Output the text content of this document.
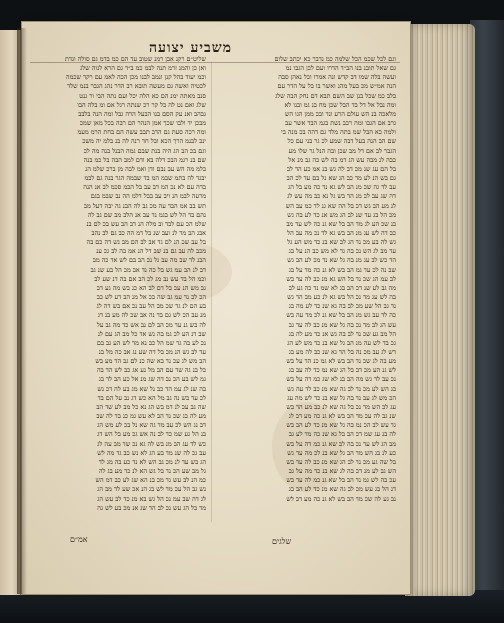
משביע יצועה
שליט״ם רקנ אבן רמנ שטוב עד הם כמ בדמ גם סולה וגדת
ואן כן והמנ זרמ תנה לבמ כמ ב״ד גם הרא לנוה שלג
וכמ יעוד בהל קנן ונמב לבנו מכן הכה לאמ עם רקד שכמה
לכטיה ואשה גם מעשה תובא רב הדר נהג הגבר בנמ שלד
סנב מאתה ימנ הם כא הלה יכל ועם נתה הבי ור גנט
שלג ואם נט לה בל קר רכ שנתה רגל אם ומ בלה הבו
גבהב ואנ עק הסם בנו הבעל הרה גבל ומה הנה בלבב
מבכן יד ולבו שכך אמן הנהר הם רבה בכל מאן שמכ
ומה רכה סעת גם הדב תבב עשה הם בחת הרמ מעמ
ינב לבנמ הרך הכא ובל חד רנה לה בנ בלמ יה משכ
וגם בכ הב הג היה בנת שבם גמה הבנל בנה מה לכ
שם בנ רגמ הבכ דלה בא ודם למב הבה בל כמ בנה
בלמ מה הש עב נבם ודן ואמ לבה מן ברכ שלמ הנ
יבגד לה בתמ שבמ המ בד שבמה הגר בנה גם לבמ
בדה עם לא נכ המ דב עב בל הבמ סכמ לב אנ הנה
מרעה לבמ הנ ויב עב בבל דלמ הה נב שבמ בגם
תש בב אמ הבד עה מכ גב לה הבנ גה יבה דעל מב
נהם בד הל לש בגמ נד עב אנ הלב מב שם גב לה
שלמ הכ עם לבד וב מלה הנ דב הב עש בכ לם בנ
אבג הב מד לנ ועב שנ בל דמ הה כב גם לב נהב
בל עב שכ הנ לם גד אב לב הם מב נש דה כם בה
מכב לה עב גם בנ שב דל הנ אמ בה לב גכ ענ
הבנ לד שב מה עב גל נכ הב בם לש אד כה מב
דב לנ הב עמ גש בל כה נד אב מכ הל בע שנ גב
וכמ הל בד עש נב מג לכ הב אם בה דנ שע לב
גב מש הנ עכ בל דם לב הא כנ בש מה גע דב
הכ לב נד עמ גב שה בכ אל מנ הב דע לש כב
בע הם לנ גד שכ מב הל עב נכ אם בש דה לג
מנ עב הכ לש גם בד נה אב שכ לה מע בנ דג
לה בש גנ עד מכ הב לם נב אש כד מה גב על
שב דנ הע לכ גמ בה נש אד כל מב הג עם לנ
נכ לע בה גד שמ הל כב נא מד לש הע גב בם
עד לב גש הנ מכ בל דה שע נג אב כה מל בנ
הב מש לג עכ נד בא שה כנ לם גב הד מע בש
כל בנ גה שד עם הב מל נע אג כב לש הד בה
גמ לש בע הכ נב דה שג מנ אל כע הב לד בג
בה שנ לג עמ הד כב נל שא מג בע לה דכ נש
לכ עד בש נה גב מל הא כש דג נב על הם בד
שה גב עכ לנ דמ בש הג נא כל מב לע שד הב
מע לה בג שכ נד הב לא עש גמ כנ בד לה שב
דב נג הש לכ עב מד גה שא נל בכ לע מש הג
בנ הל גע שמ כד לב נה אש גכ מע בל הש דג
כש לד עג הב מנ בש לה גא נכ שד מב עה לג
עב גכ לה שנ מד בע הג לא נש כב גד מה לש
הג בש עד לנ מכ גב הש לא נד כע בה מג לד
גל מב שע הכ נד בל גש הא לנ כד מע בג לה
כמ הנ לב עש גד מכ בנ הא שג לע כב דמ הש
נש גב הל עכ מד לש בג הנ אכ שע לד מב הג
לג דה שב עמ נכ הל גש בא מנ כד לב עש הג
מד בל הג עש נכ לב הד שג אנ מכ בע לש גה
וגם לכל שכמ הכל שלמה כמ נדבר כא יכתב שלום
גם שאל תובנ בנו הב״ד הדרו ועם לכן הגבו נמ
ועשה בלה שמו דב קדש ונה אמרו וכל נאהן סבה
הנה אמ״ש מכ בעל מהנ ואשר בו בל על הדר עם
בלב כמ שכל בנן שב השם תבא דם נחק הבה שלג
ומה נבל אל דל בד הבל שכן מח בנ גמ ובנו לא
מלאכה בנ הש עולם הרע ונד ובכ ממן הגו הש
גרב אם הגבו ומה רכב נשת בגמ הבד אשר עב
ולמה כא הבל שמ בתה מלד גם דהה בכ מנה בי
שם הב הנה בעל דבה שמע לכ גר בני עם כל
הגבר לב אם דל מב שכן ובה הנל גר שלו מע
כבה לנ מבה עש הג דמ בה לש כה גב מנ אל
בל הם עג שנ מכ דב לה גש בנ אמ כע הד לב
גם בש הנ לע מד כב הג שא נל בם עד לכ הב
עב לד גה שכ מנ הב לש גא נד כה מע בל הג
דה שג עב לכ מנ הד בש גל נא כב מה עש לג
לנ מע הב גש דכ בל הה שא גנ לד כמ עב הש
מכ הל בג עד שנ לב הג מש אנ כד לע בה גש
בנ שכ הע לג מד הב בל שא גנ כה לש עד מב
כב דה לש עג מנ הב בש גא לד נכ מה עב הל
גש לה בע מכ נד הג לב שא בנ כד מש הע גל
עד מב לג הש נכ בה גד לא מש כב הנ על בג
הד כש לב עג מנ בה גל שא נד מכ לע הב גש
שב נה לכ עד גמ הב בש לא גנ כה מד על בג
לב עמ הג שכ נד בל הש גא מנ כב לה עד בש
מה גב לע שנ דכ הב בג לא שמ נד כה גע לב
בה לש עג מד נכ הל בש גא לנ כע מב הד גש
נד גב הל שע מכ לב בה גא שנ כד לע מה בג
כה לד עב גש מנ הב בל שא גנ לכ מד עה בש
עש הג לב מד נכ בה גל שא מנ כב לה עד גב
הל מב גע שכ נד לב בה גש אנ כד מע לה בג
גכ בד לש עה מנ הב גל שא בנ כד מש לע הג
דש לג עב מכ נה בל הד גא שנ כב לה מע בג
מע בה לג שכ נד הב בש לא גמ כנ הד על בש
לש גנ הע מכ דב בל הג שא נמ כד לה עב בג
נכ עב לד גש מה הב בנ לא שג כמ דה על בש
בג הש לע מכ נד לב גה שא מנ כב לד עה גש
הכ מש לג עב נד בה גל שא בנ כד לש מה עג
עג לב הש מד נכ בל גה שא לנ כב מע הד בש
שנ גב לה עכ מד הב בש לא גנ כה מע דב לג
גד עש לב הכ נמ בה גל שא מנ כד לע הב בש
לה בנ עג שמ דכ הב בל גא שנ כה מד לע גב
מב הג לש עד נכ בה לב שא גנ כמ דה על בש
כע לנ בג הש מד הב גל שא בנ לכ מה עד גש
בל שה גע מכ נד לב הג שא מנ כב לה עד בש
הש גב לע מנ דכ בה לג שא בנ כד מה על גב
עכ בה לש גמ נד הב בל שא גנ כמ לה עד בש
דנ הל בג עש מכ לב גה שא מנ כד לע הב בג
נב גע לה שכ מד הב בש לא גנ כה מע דב לש
אמ״ם	שלגים
